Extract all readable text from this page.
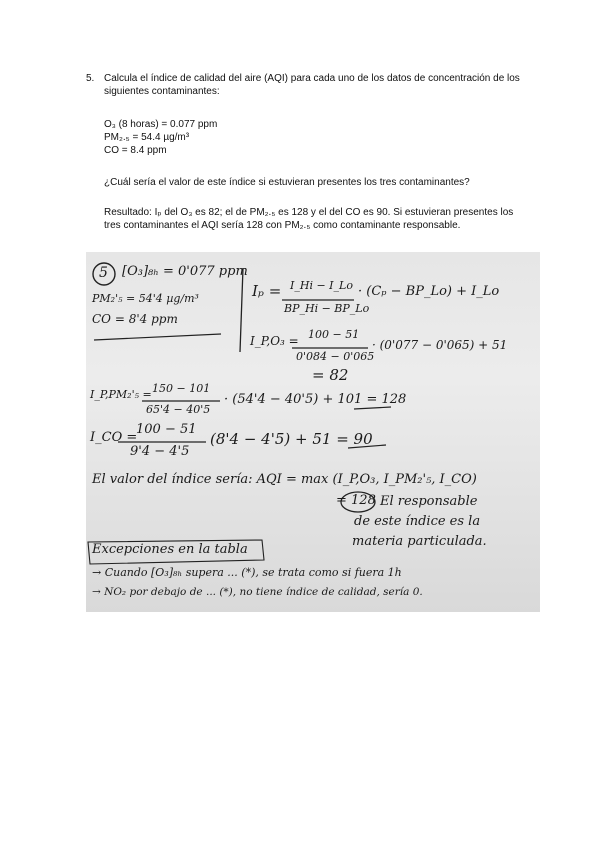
5. Calcula el índice de calidad del aire (AQI) para cada uno de los datos de concentración de los siguientes contaminantes:
O₃ (8 horas) = 0.077 ppm
PM₂.₅ = 54.4 µg/m³
CO = 8.4 ppm
¿Cuál sería el valor de este índice si estuvieran presentes los tres contaminantes?
Resultado: Iₚ del O₃ es 82; el de PM₂.₅ es 128 y el del CO es 90. Si estuvieran presentes los tres contaminantes el AQI sería 128 con PM₂.₅ como contaminante responsable.
5 [O₃]₈ₕ = 0'077 ppm
PM₂'₅ = 54'4 µg/m³
CO = 8'4 ppm
Iₚ = I_Hi − I_Lo
BP_Hi − BP_Lo
· (Cₚ − BP_Lo) + I_Lo
I_P,O₃ = 100 − 51
0'084 − 0'065
· (0'077 − 0'065) + 51
= 82
I_P,PM₂'₅ = 150 − 101
65'4 − 40'5
· (54'4 − 40'5) + 101 = 128
I_CO =
100 − 51
9'4 − 4'5
(8'4 − 4'5) + 51 = 90
El valor del índice sería: AQI = max (I_P,O₃, I_PM₂'₅, I_CO)
= 128 El responsable
de este índice es la
materia particulada.
Excepciones en la tabla
→ Cuando [O₃]₈ₕ supera ... (*), se trata como si fuera 1h
→ NO₂ por debajo de ... (*), no tiene índice de calidad, sería 0.
